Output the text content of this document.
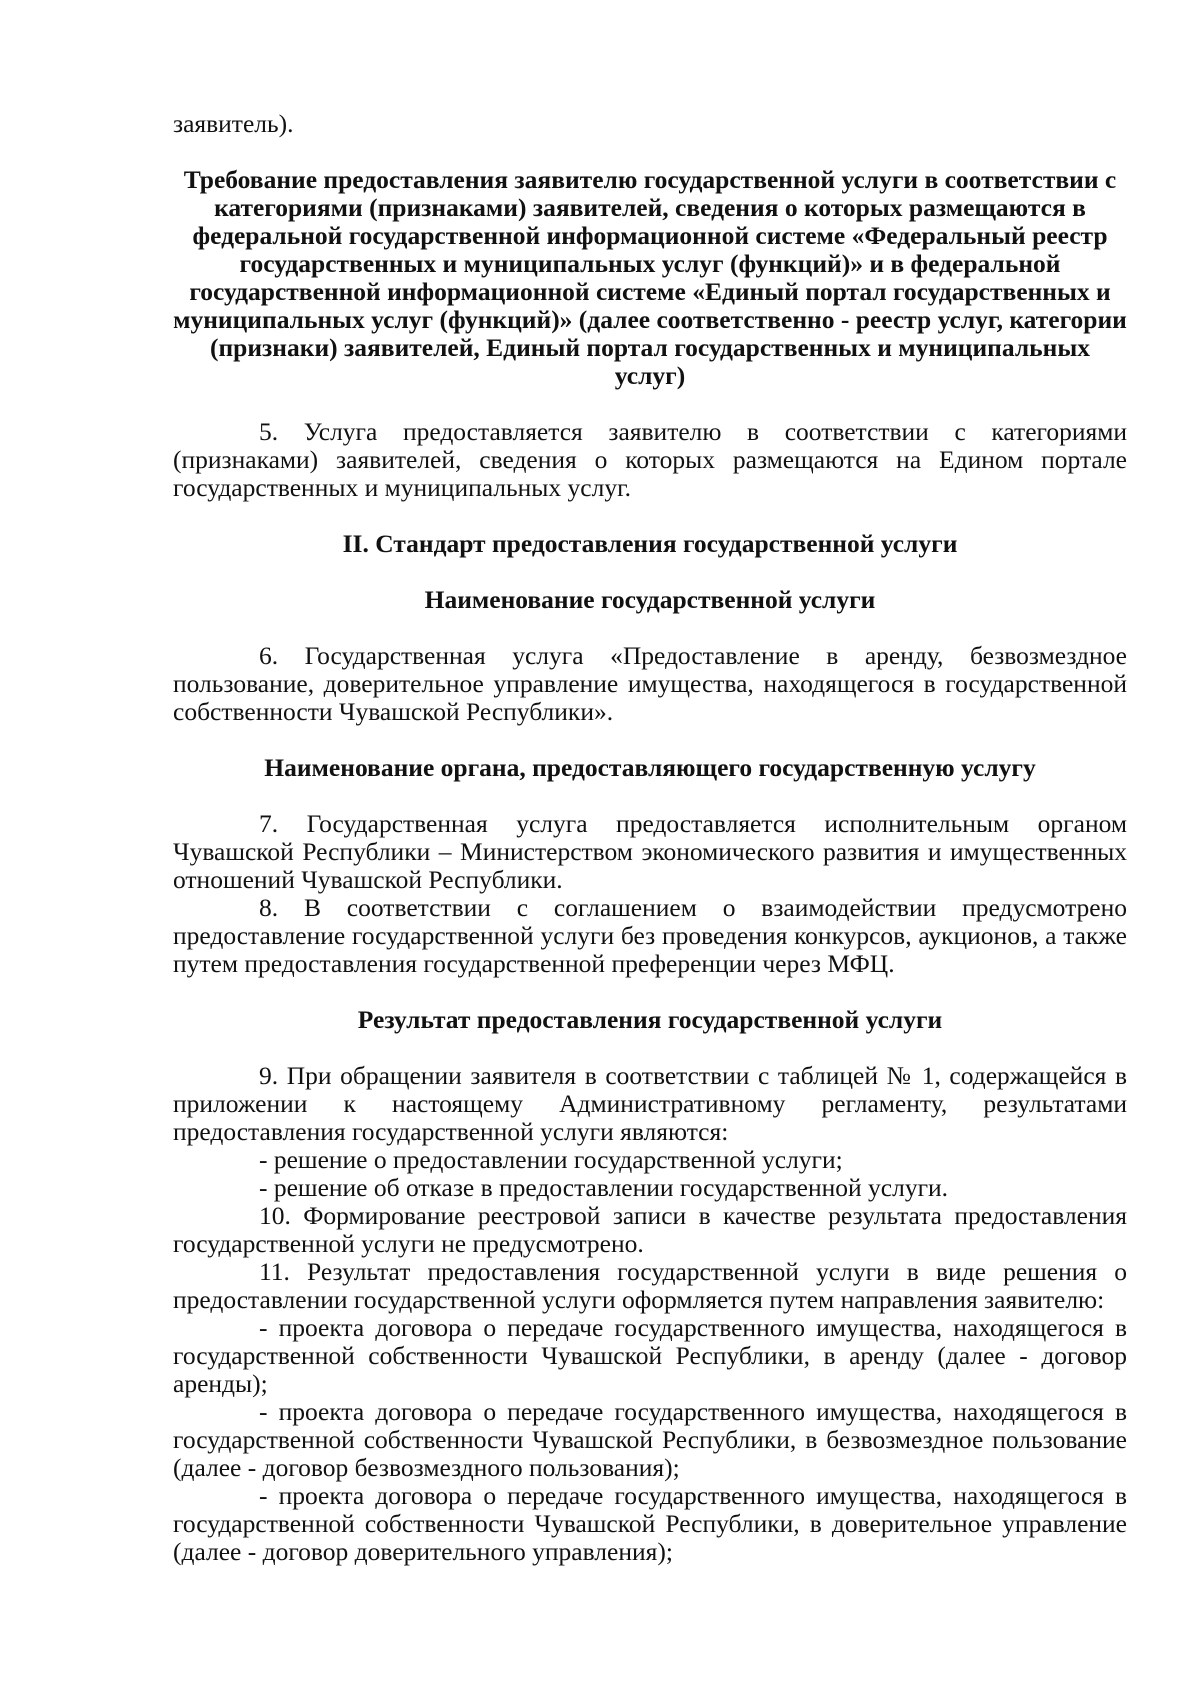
заявитель).

Требование предоставления заявителю государственной услуги в соответствии с категориями (признаками) заявителей, сведения о которых размещаются в федеральной государственной информационной системе «Федеральный реестр государственных и муниципальных услуг (функций)» и в федеральной государственной информационной системе «Единый портал государственных и муниципальных услуг (функций)» (далее соответственно - реестр услуг, категории (признаки) заявителей, Единый портал государственных и муниципальных услуг)

5. Услуга предоставляется заявителю в соответствии с категориями (признаками) заявителей, сведения о которых размещаются на Едином портале государственных и муниципальных услуг.

II. Стандарт предоставления государственной услуги

Наименование государственной услуги

6. Государственная услуга «Предоставление в аренду, безвозмездное пользование, доверительное управление имущества, находящегося в государственной собственности Чувашской Республики».

Наименование органа, предоставляющего государственную услугу

7. Государственная услуга предоставляется исполнительным органом Чувашской Республики – Министерством экономического развития и имущественных отношений Чувашской Республики.

8. В соответствии с соглашением о взаимодействии предусмотрено предоставление государственной услуги без проведения конкурсов, аукционов, а также путем предоставления государственной преференции через МФЦ.

Результат предоставления государственной услуги

9. При обращении заявителя в соответствии с таблицей № 1, содержащейся в приложении к настоящему Административному регламенту, результатами предоставления государственной услуги являются:

- решение о предоставлении государственной услуги;

- решение об отказе в предоставлении государственной услуги.

10. Формирование реестровой записи в качестве результата предоставления государственной услуги не предусмотрено.

11. Результат предоставления государственной услуги в виде решения о предоставлении государственной услуги оформляется путем направления заявителю:

- проекта договора о передаче государственного имущества, находящегося в государственной собственности Чувашской Республики, в аренду (далее - договор аренды);

- проекта договора о передаче государственного имущества, находящегося в государственной собственности Чувашской Республики, в безвозмездное пользование (далее - договор безвозмездного пользования);

- проекта договора о передаче государственного имущества, находящегося в государственной собственности Чувашской Республики, в доверительное управление (далее - договор доверительного управления);
